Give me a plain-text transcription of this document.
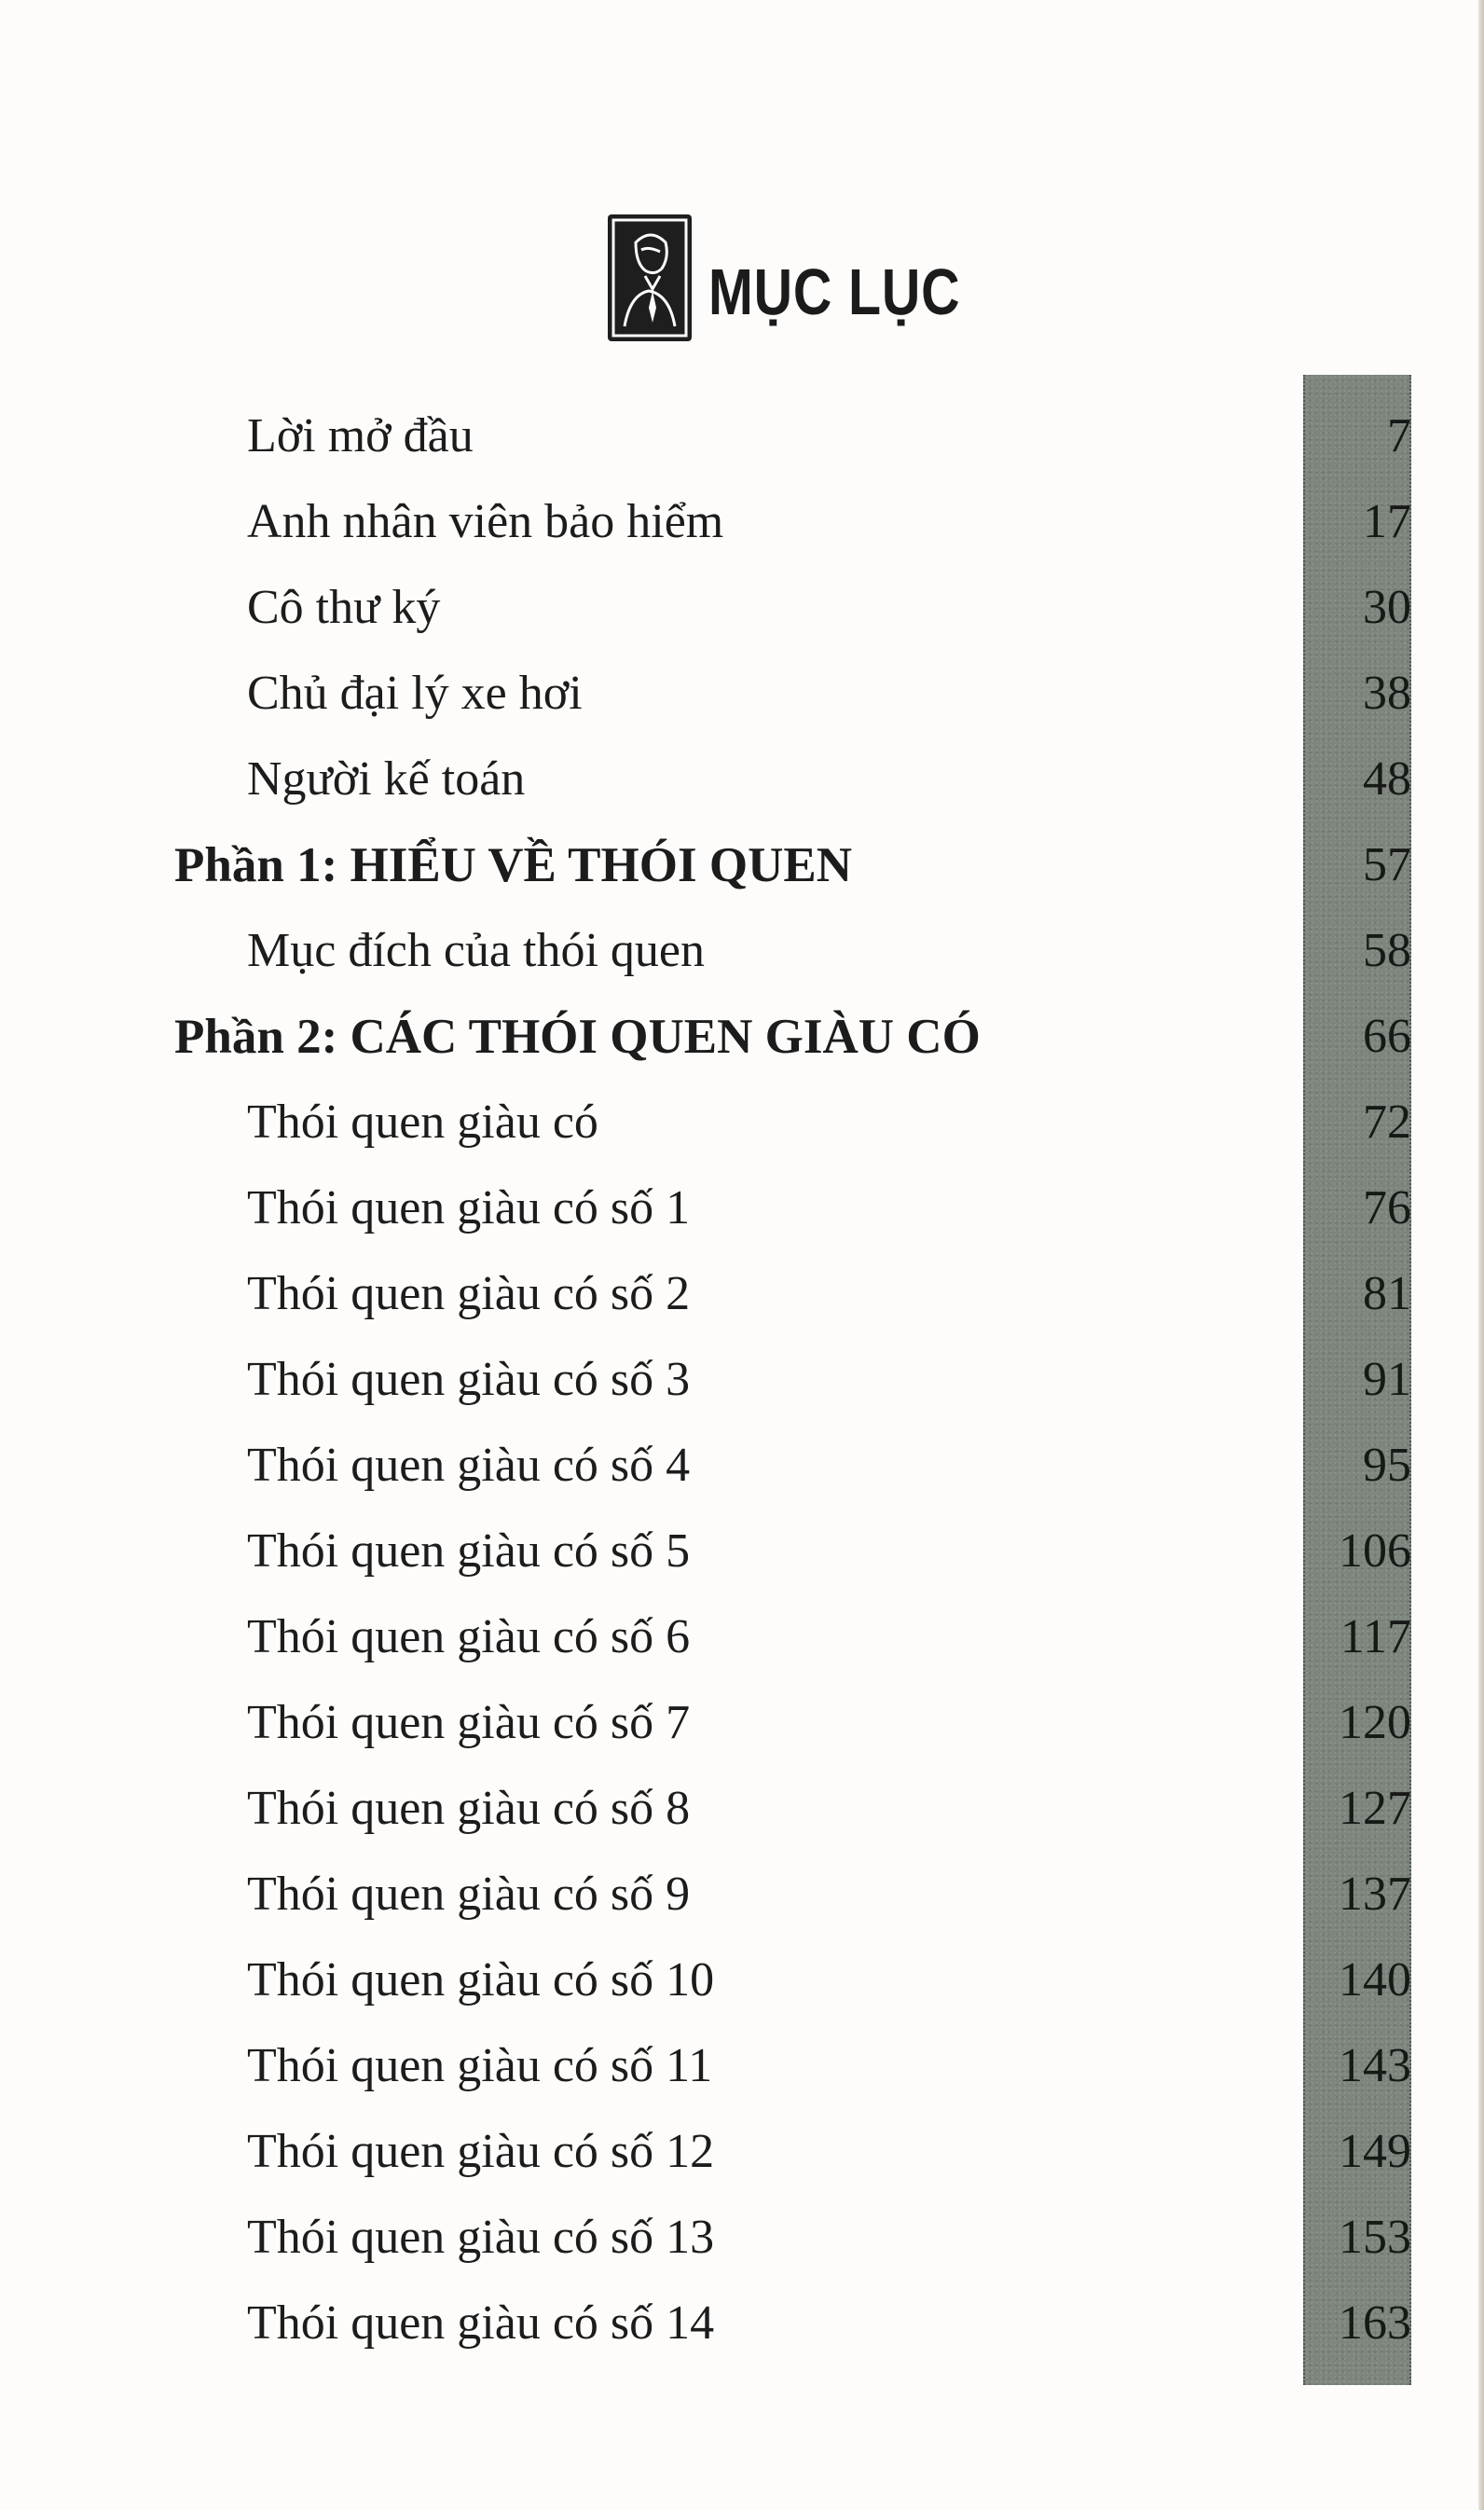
MỤC LỤC
Lời mở đầu	7
Anh nhân viên bảo hiểm	17
Cô thư ký	30
Chủ đại lý xe hơi	38
Người kế toán	48
Phần 1: HIỂU VỀ THÓI QUEN	57
Mục đích của thói quen	58
Phần 2: CÁC THÓI QUEN GIÀU CÓ	66
Thói quen giàu có	72
Thói quen giàu có số 1	76
Thói quen giàu có số 2	81
Thói quen giàu có số 3	91
Thói quen giàu có số 4	95
Thói quen giàu có số 5	106
Thói quen giàu có số 6	117
Thói quen giàu có số 7	120
Thói quen giàu có số 8	127
Thói quen giàu có số 9	137
Thói quen giàu có số 10	140
Thói quen giàu có số 11	143
Thói quen giàu có số 12	149
Thói quen giàu có số 13	153
Thói quen giàu có số 14	163
